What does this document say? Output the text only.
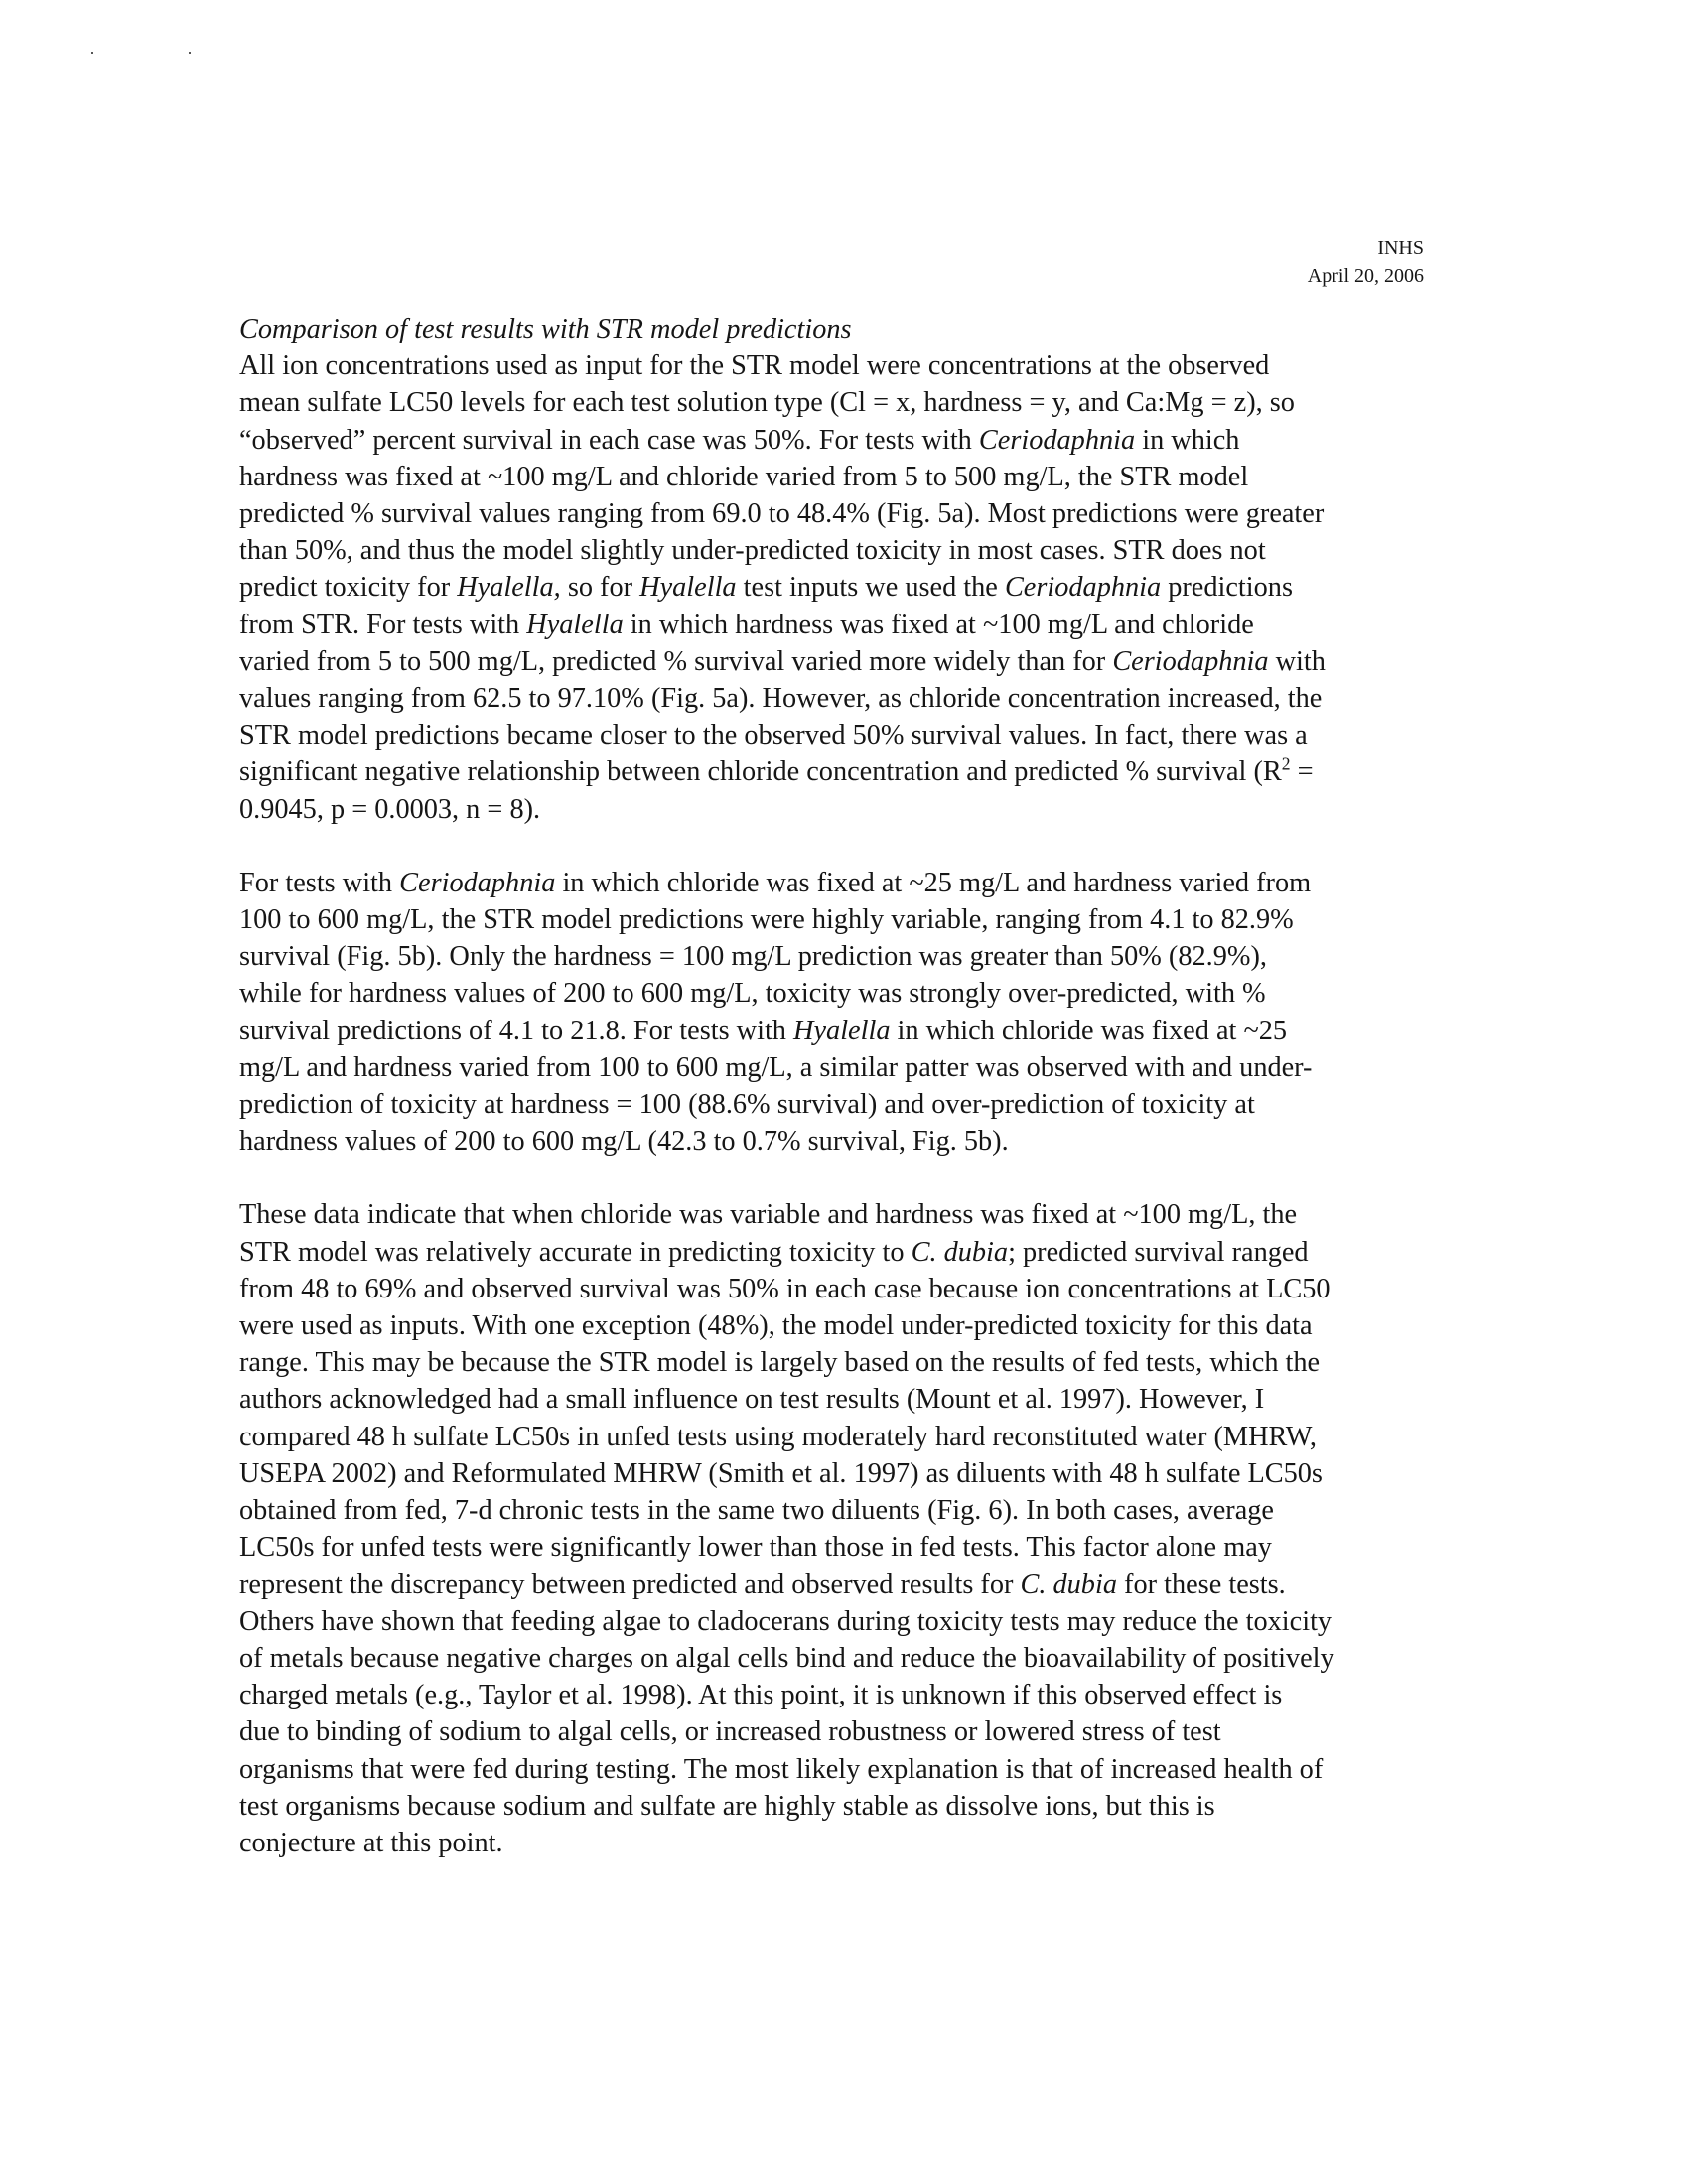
INHS
April 20, 2006

Comparison of test results with STR model predictions

All ion concentrations used as input for the STR model were concentrations at the observed
mean sulfate LC50 levels for each test solution type (Cl = x, hardness = y, and Ca:Mg = z), so
“observed” percent survival in each case was 50%. For tests with Ceriodaphnia in which
hardness was fixed at ~100 mg/L and chloride varied from 5 to 500 mg/L, the STR model
predicted % survival values ranging from 69.0 to 48.4% (Fig. 5a). Most predictions were greater
than 50%, and thus the model slightly under-predicted toxicity in most cases. STR does not
predict toxicity for Hyalella, so for Hyalella test inputs we used the Ceriodaphnia predictions
from STR. For tests with Hyalella in which hardness was fixed at ~100 mg/L and chloride
varied from 5 to 500 mg/L, predicted % survival varied more widely than for Ceriodaphnia with
values ranging from 62.5 to 97.10% (Fig. 5a). However, as chloride concentration increased, the
STR model predictions became closer to the observed 50% survival values. In fact, there was a
significant negative relationship between chloride concentration and predicted % survival ($R^2$ =
0.9045, p = 0.0003, n = 8).

For tests with Ceriodaphnia in which chloride was fixed at ~25 mg/L and hardness varied from
100 to 600 mg/L, the STR model predictions were highly variable, ranging from 4.1 to 82.9%
survival (Fig. 5b). Only the hardness = 100 mg/L prediction was greater than 50% (82.9%),
while for hardness values of 200 to 600 mg/L, toxicity was strongly over-predicted, with %
survival predictions of 4.1 to 21.8. For tests with Hyalella in which chloride was fixed at ~25
mg/L and hardness varied from 100 to 600 mg/L, a similar patter was observed with and under-
prediction of toxicity at hardness = 100 (88.6% survival) and over-prediction of toxicity at
hardness values of 200 to 600 mg/L (42.3 to 0.7% survival, Fig. 5b).

These data indicate that when chloride was variable and hardness was fixed at ~100 mg/L, the
STR model was relatively accurate in predicting toxicity to C. dubia; predicted survival ranged
from 48 to 69% and observed survival was 50% in each case because ion concentrations at LC50
were used as inputs. With one exception (48%), the model under-predicted toxicity for this data
range. This may be because the STR model is largely based on the results of fed tests, which the
authors acknowledged had a small influence on test results (Mount et al. 1997). However, I
compared 48 h sulfate LC50s in unfed tests using moderately hard reconstituted water (MHRW,
USEPA 2002) and Reformulated MHRW (Smith et al. 1997) as diluents with 48 h sulfate LC50s
obtained from fed, 7-d chronic tests in the same two diluents (Fig. 6). In both cases, average
LC50s for unfed tests were significantly lower than those in fed tests. This factor alone may
represent the discrepancy between predicted and observed results for C. dubia for these tests.
Others have shown that feeding algae to cladocerans during toxicity tests may reduce the toxicity
of metals because negative charges on algal cells bind and reduce the bioavailability of positively
charged metals (e.g., Taylor et al. 1998). At this point, it is unknown if this observed effect is
due to binding of sodium to algal cells, or increased robustness or lowered stress of test
organisms that were fed during testing. The most likely explanation is that of increased health of
test organisms because sodium and sulfate are highly stable as dissolve ions, but this is
conjecture at this point.
